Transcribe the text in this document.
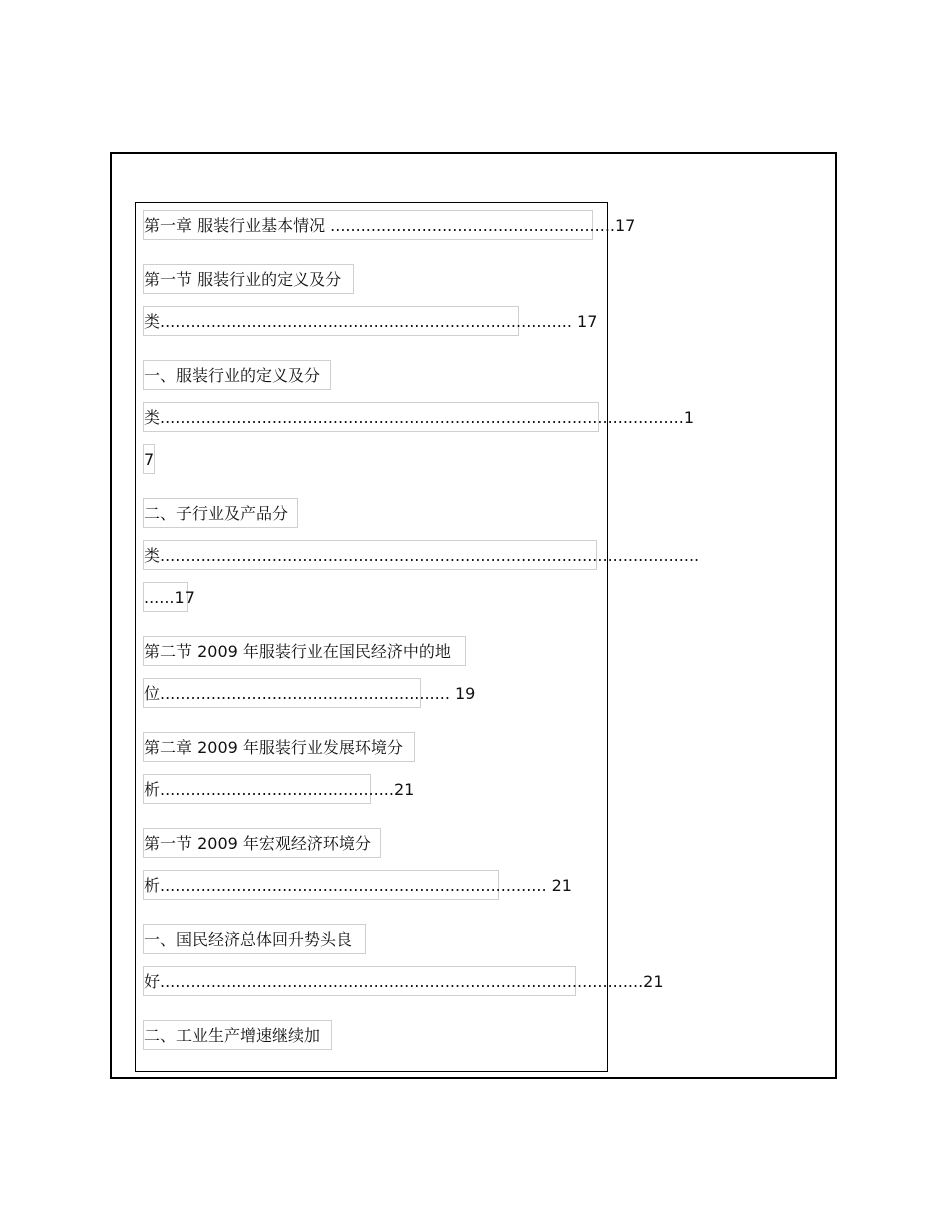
第一章 服装行业基本情况 ........................................................17
第一节 服装行业的定义及分
类................................................................................. 17
一、服装行业的定义及分
类.......................................................................................................1
7
二、子行业及产品分
类..........................................................................................................
......17
第二节 2009 年服装行业在国民经济中的地
位......................................................... 19
第二章 2009 年服装行业发展环境分
析..............................................21
第一节 2009 年宏观经济环境分
析............................................................................ 21
一、国民经济总体回升势头良
好...............................................................................................21
二、工业生产增速继续加
